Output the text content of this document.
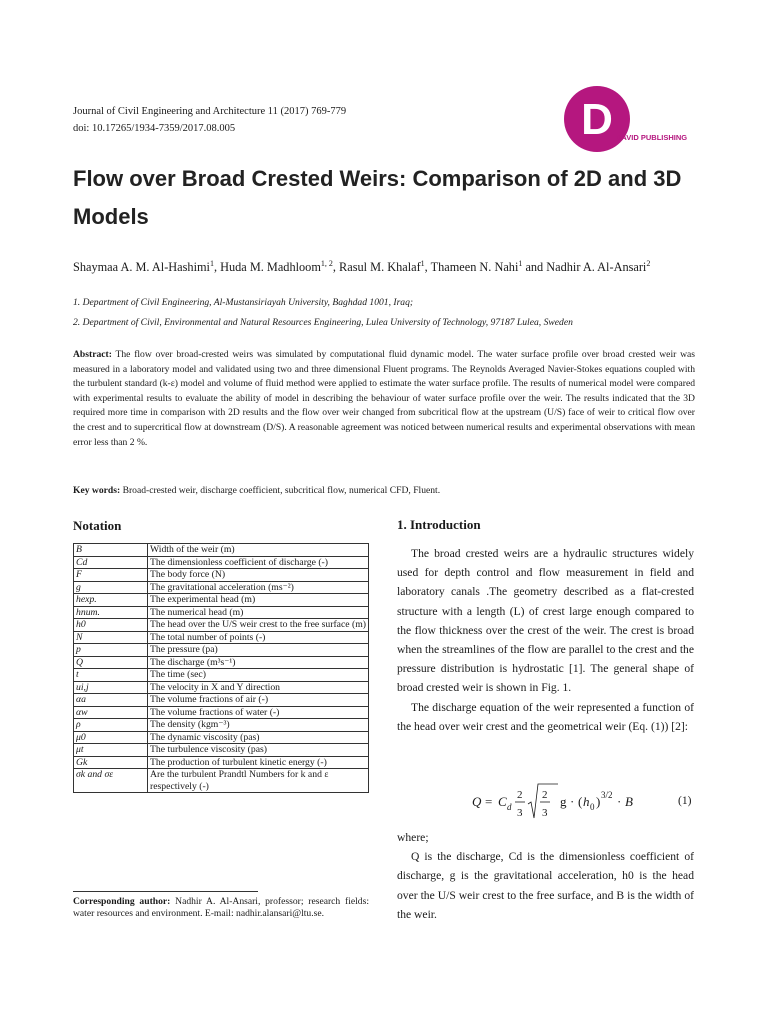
Journal of Civil Engineering and Architecture 11 (2017) 769-779
doi: 10.17265/1934-7359/2017.08.005	D DAVID PUBLISHING
Flow over Broad Crested Weirs: Comparison of 2D and 3D Models
Shaymaa A. M. Al-Hashimi$^1$, Huda M. Madhloom$^{1, 2}$, Rasul M. Khalaf$^1$, Thameen N. Nahi$^1$ and Nadhir A. Al-Ansari$^2$
1. Department of Civil Engineering, Al-Mustansiriayah University, Baghdad 1001, Iraq;
2. Department of Civil, Environmental and Natural Resources Engineering, Lulea University of Technology, 97187 Lulea, Sweden
Abstract: The flow over broad-crested weirs was simulated by computational fluid dynamic model. The water surface profile over broad crested weir was measured in a laboratory model and validated using two and three dimensional Fluent programs. The Reynolds Averaged Navier-Stokes equations coupled with the turbulent standard (k-ε) model and volume of fluid method were applied to estimate the water surface profile. The results of numerical model were compared with experimental results to evaluate the ability of model in describing the behaviour of water surface profile over the weir. The results indicated that the 3D required more time in comparison with 2D results and the flow over weir changed from subcritical flow at the upstream (U/S) face of weir to critical flow over the crest and to supercritical flow at downstream (D/S). A reasonable agreement was noticed between numerical results and experimental observations with mean error less than 2 %.
Key words: Broad-crested weir, discharge coefficient, subcritical flow, numerical CFD, Fluent.
Notation
B	Width of the weir (m)
Cd	The dimensionless coefficient of discharge (-)
F⃗	The body force (N)
g	The gravitational acceleration (ms⁻²)
hexp.	The experimental head (m)
hnum.	The numerical head (m)
h0	The head over the U/S weir crest to the free surface (m)
N	The total number of points (-)
p	The pressure (pa)
Q	The discharge (m³s⁻¹)
t	The time (sec)
ui,j	The velocity in X and Y direction
αa	The volume fractions of air (-)
αw	The volume fractions of water (-)
ρ	The density (kgm⁻³)
μ0	The dynamic viscosity (pas)
μt	The turbulence viscosity (pas)
Gk	The production of turbulent kinetic energy (-)
σk and σε	Are the turbulent Prandtl Numbers for k and ε respectively (-)
Corresponding author: Nadhir A. Al-Ansari, professor; research fields: water resources and environment. E-mail: nadhir.alansari@ltu.se.
1. Introduction

The broad crested weirs are a hydraulic structures widely used for depth control and flow measurement in field and laboratory canals .The geometry described as a flat-crested structure with a length (L) of crest large enough compared to the flow thickness over the crest of the weir. The crest is broad when the streamlines of the flow are parallel to the crest and the pressure distribution is hydrostatic [1]. The general shape of broad crested weir is shown in Fig. 1.

The discharge equation of the weir represented a function of the head over weir crest and the geometrical weir (Eq. (1)) [2]:

Q = C d
2
3
2
3
g · ( h 0 ) 3/2 · B	(1)

where;

Q is the discharge, Cd is the dimensionless coefficient of discharge, g is the gravitational acceleration, h0 is the head over the U/S weir crest to the free surface, and B is the width of the weir.
